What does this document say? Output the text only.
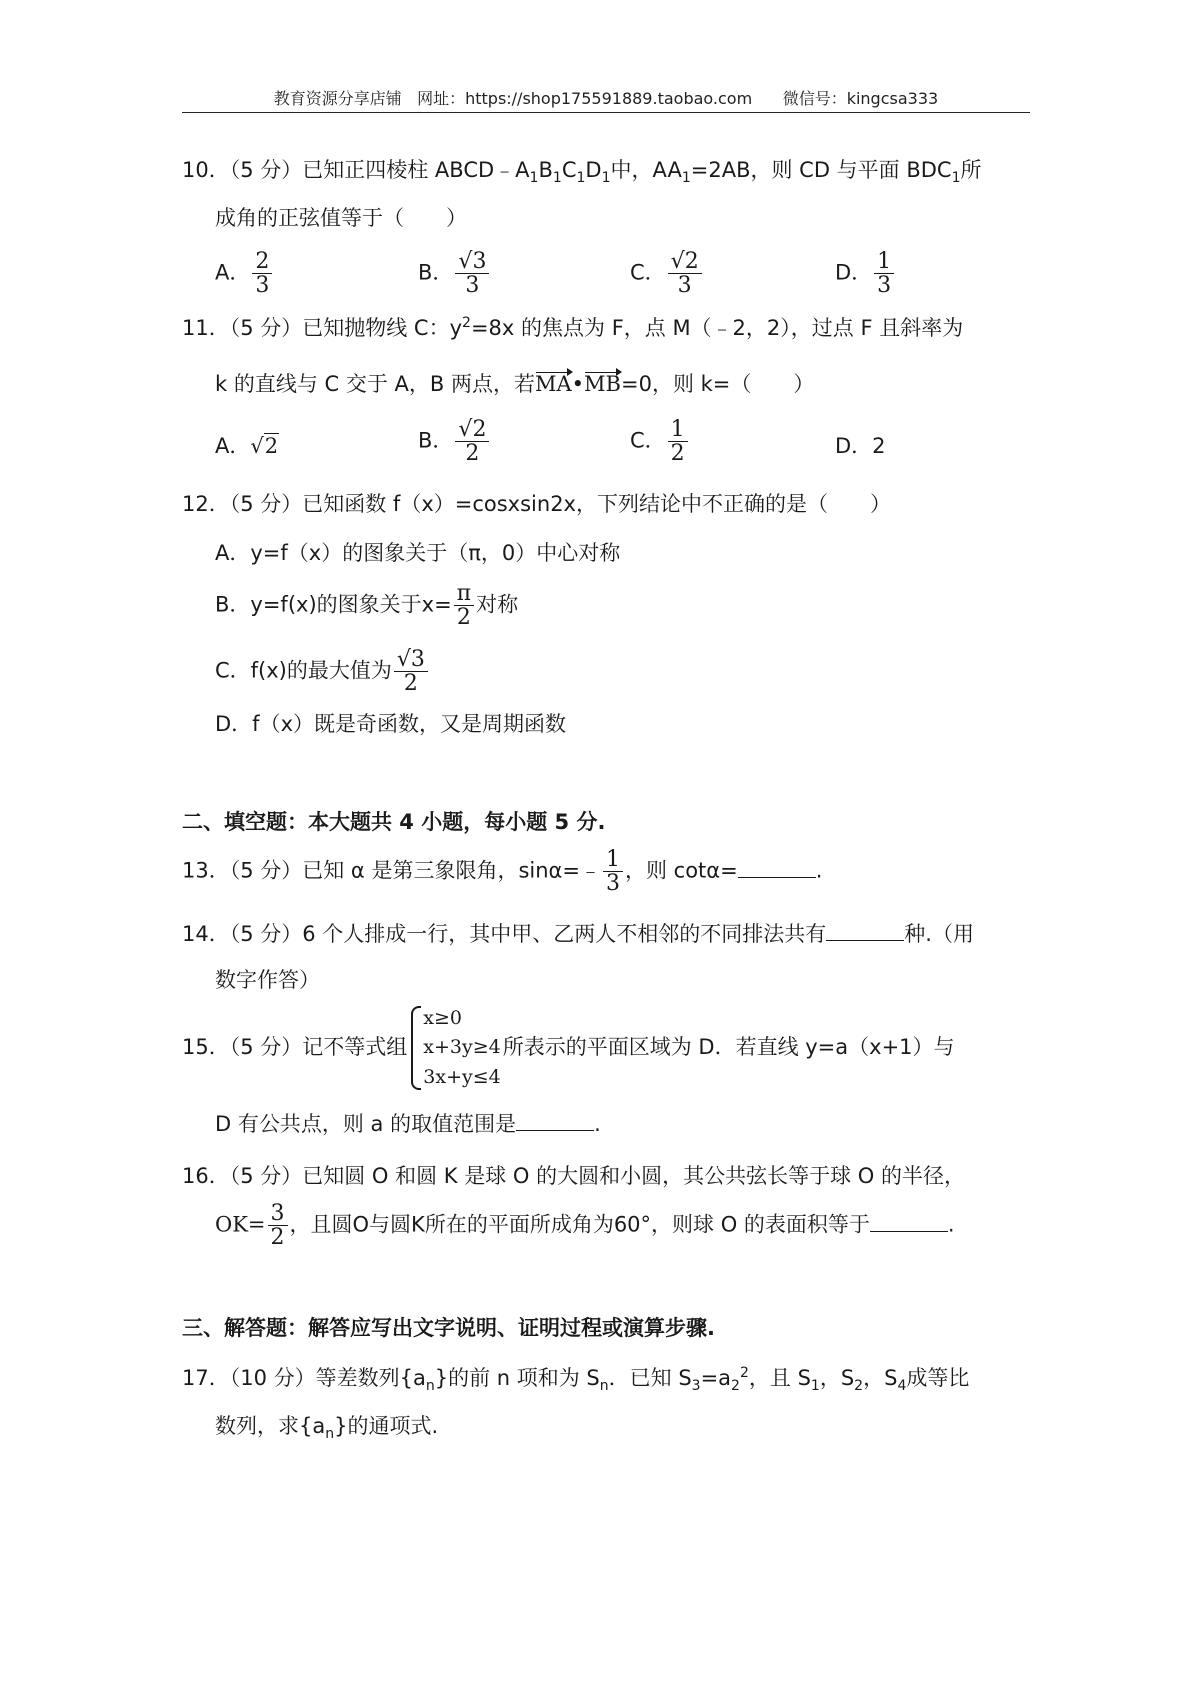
教育资源分享店铺 网址：https://shop175591889.taobao.com 微信号：kingcsa333
10．（5 分）已知正四棱柱 $ABCD﹣A_1B_1C_1D_1$中，$AA_1=2AB$，则 CD 与平面 $BDC_1$所
成角的正弦值等于（　　）
A． $\frac{2}{3}$	B． $\frac{√3}{3}$	C． $\frac{√2}{3}$	D． $\frac{1}{3}$
11．（5 分）已知抛物线 C：$y^2=8x$ 的焦点为 F，点 M（﹣2，2），过点 F 且斜率为
k 的直线与 C 交于 A，B 两点，若MA•MB=0，则 k=（　　）
A．√2	B． $\frac{√2}{2}$	C． $\frac{1}{2}$	D．2
12．（5 分）已知函数 f（x）=cosxsin2x，下列结论中不正确的是（　　）
A．y=f（x）的图象关于（π，0）中心对称
B．y=f(x)的图象关于$x= \frac{\pi}{2}$ 对称
C．f(x)的最大值为 $\frac{√3}{2}$
D．f（x）既是奇函数，又是周期函数
二、填空题：本大题共 4 小题，每小题 5 分.
13．（5 分）已知 α 是第三象限角，sinα=﹣ $\frac{1}{3}$ ，则 cotα=	.
14．（5 分）6 个人排成一行，其中甲、乙两人不相邻的不同排法共有	种.（用
数字作答）
15．（5 分）记不等式组
x≥0
x+3y≥4
3x+y≤4
所表示的平面区域为 D．若直线 y=a（x+1）与
D 有公共点，则 a 的取值范围是	.
16．（5 分）已知圆 O 和圆 K 是球 O 的大圆和小圆，其公共弦长等于球 O 的半径，
$OK= \frac{3}{2}$ ，且圆O与圆K所在的平面所成角为60°，则球 O 的表面积等于	.
三、解答题：解答应写出文字说明、证明过程或演算步骤.
17．（10 分）等差数列$\{a_n\}$的前 n 项和为 $S_n$．已知 $S_3=a_2^2$，且 $S_1$，$S_2$，$S_4$成等比
数列，求$\{a_n\}$的通项式.
